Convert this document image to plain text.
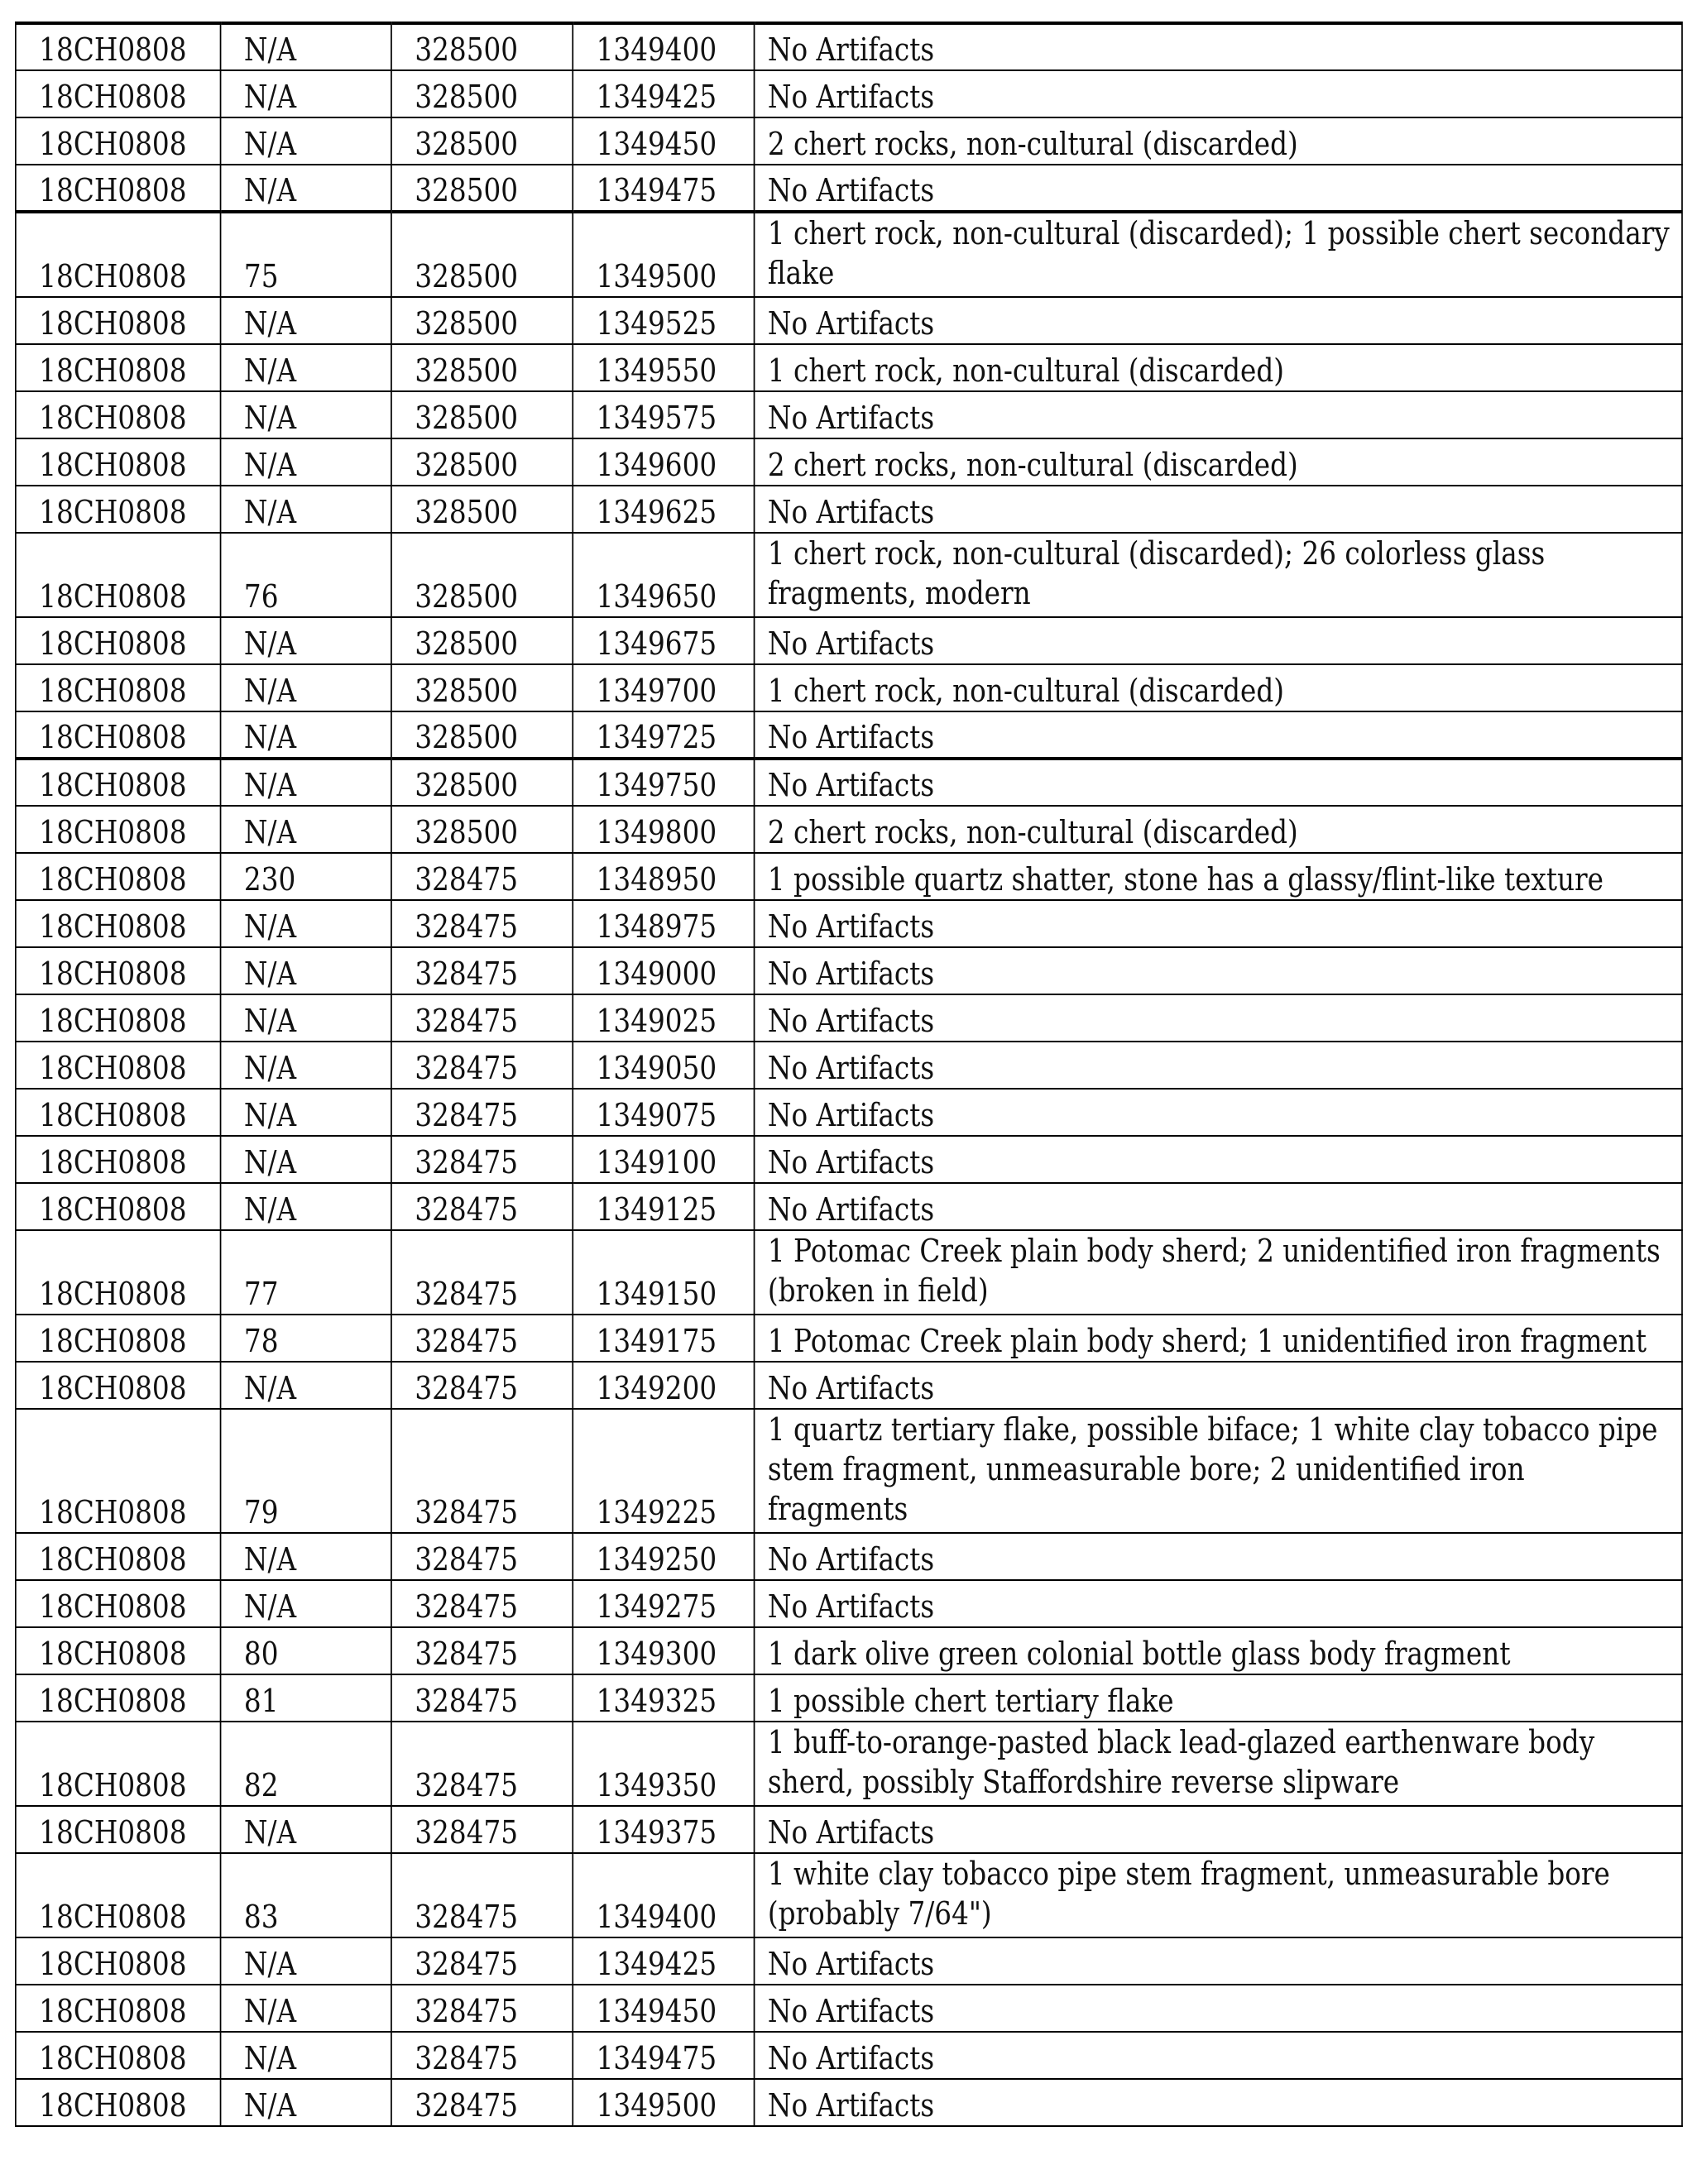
18CH0808	N/A	328500	1349400	No Artifacts
18CH0808	N/A	328500	1349425	No Artifacts
18CH0808	N/A	328500	1349450	2 chert rocks, non-cultural (discarded)
18CH0808	N/A	328500	1349475	No Artifacts
18CH0808	75	328500	1349500	1 chert rock, non-cultural (discarded); 1 possible chert secondary flake
18CH0808	N/A	328500	1349525	No Artifacts
18CH0808	N/A	328500	1349550	1 chert rock, non-cultural (discarded)
18CH0808	N/A	328500	1349575	No Artifacts
18CH0808	N/A	328500	1349600	2 chert rocks, non-cultural (discarded)
18CH0808	N/A	328500	1349625	No Artifacts
18CH0808	76	328500	1349650	1 chert rock, non-cultural (discarded); 26 colorless glass fragments, modern
18CH0808	N/A	328500	1349675	No Artifacts
18CH0808	N/A	328500	1349700	1 chert rock, non-cultural (discarded)
18CH0808	N/A	328500	1349725	No Artifacts
18CH0808	N/A	328500	1349750	No Artifacts
18CH0808	N/A	328500	1349800	2 chert rocks, non-cultural (discarded)
18CH0808	230	328475	1348950	1 possible quartz shatter, stone has a glassy/flint-like texture
18CH0808	N/A	328475	1348975	No Artifacts
18CH0808	N/A	328475	1349000	No Artifacts
18CH0808	N/A	328475	1349025	No Artifacts
18CH0808	N/A	328475	1349050	No Artifacts
18CH0808	N/A	328475	1349075	No Artifacts
18CH0808	N/A	328475	1349100	No Artifacts
18CH0808	N/A	328475	1349125	No Artifacts
18CH0808	77	328475	1349150	1 Potomac Creek plain body sherd; 2 unidentified iron fragments (broken in field)
18CH0808	78	328475	1349175	1 Potomac Creek plain body sherd; 1 unidentified iron fragment
18CH0808	N/A	328475	1349200	No Artifacts
18CH0808	79	328475	1349225	1 quartz tertiary flake, possible biface; 1 white clay tobacco pipe stem fragment, unmeasurable bore; 2 unidentified iron fragments
18CH0808	N/A	328475	1349250	No Artifacts
18CH0808	N/A	328475	1349275	No Artifacts
18CH0808	80	328475	1349300	1 dark olive green colonial bottle glass body fragment
18CH0808	81	328475	1349325	1 possible chert tertiary flake
18CH0808	82	328475	1349350	1 buff-to-orange-pasted black lead-glazed earthenware body sherd, possibly Staffordshire reverse slipware
18CH0808	N/A	328475	1349375	No Artifacts
18CH0808	83	328475	1349400	1 white clay tobacco pipe stem fragment, unmeasurable bore (probably 7/64")
18CH0808	N/A	328475	1349425	No Artifacts
18CH0808	N/A	328475	1349450	No Artifacts
18CH0808	N/A	328475	1349475	No Artifacts
18CH0808	N/A	328475	1349500	No Artifacts
